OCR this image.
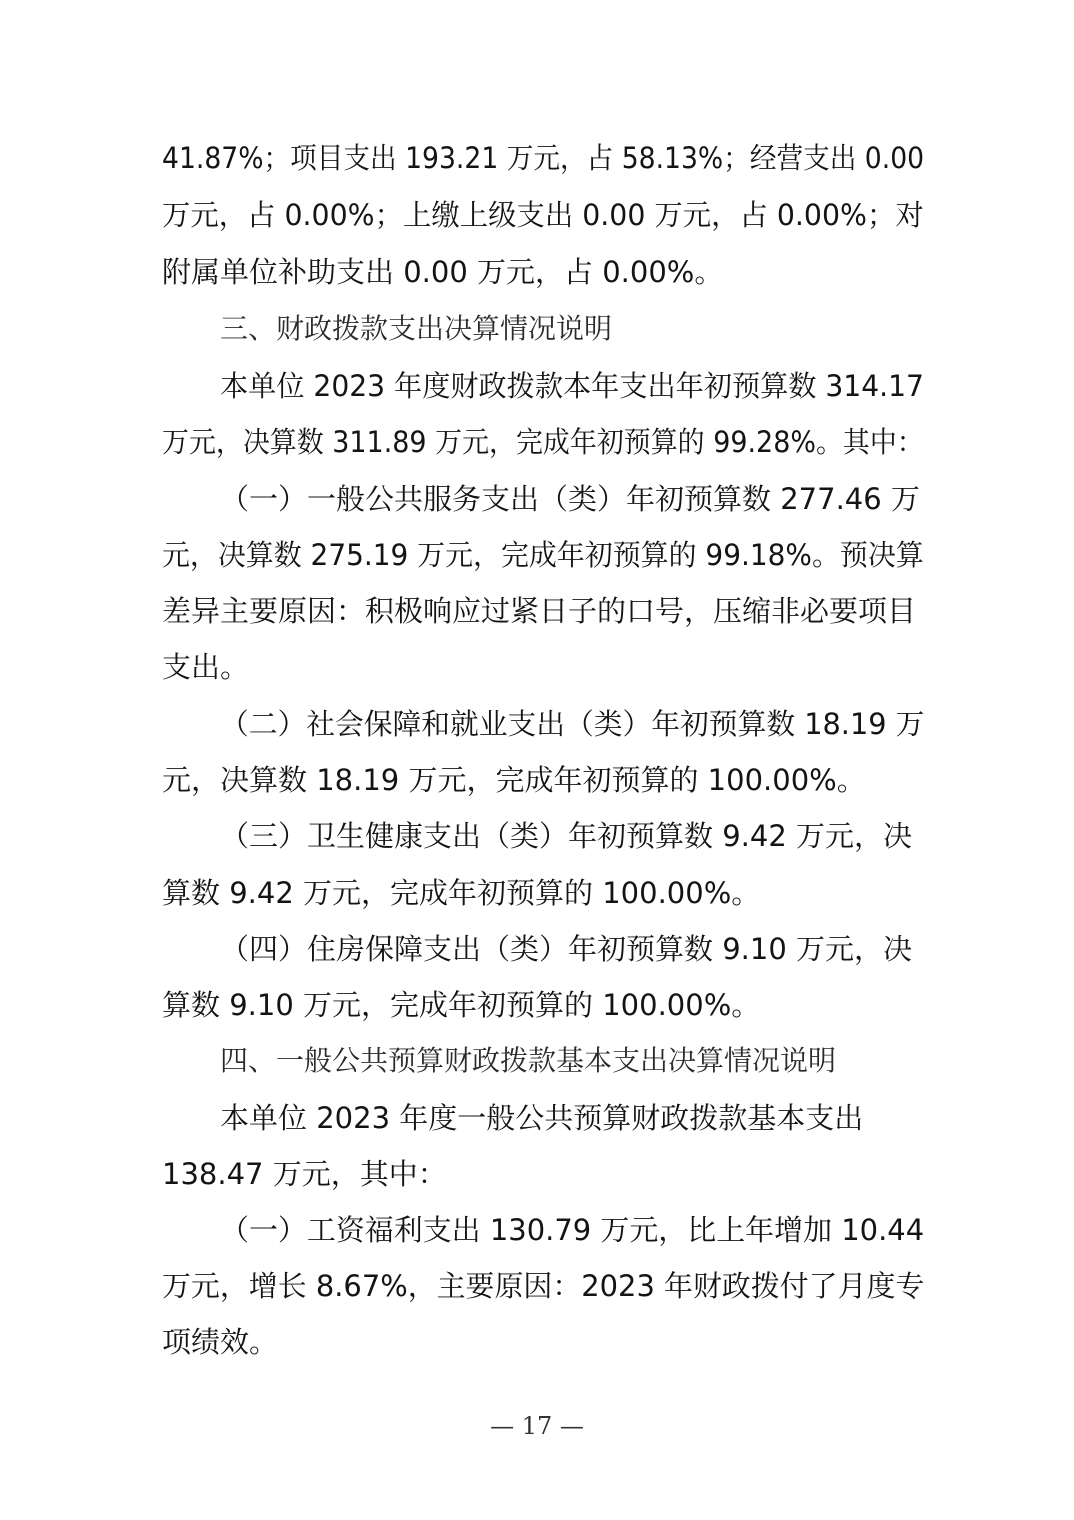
41.87%；项目支出 193.21 万元，占 58.13%；经营支出 0.00
万元，占 0.00%；上缴上级支出 0.00 万元，占 0.00%；对
附属单位补助支出 0.00 万元，占 0.00%。
三、财政拨款支出决算情况说明
本单位 2023 年度财政拨款本年支出年初预算数 314.17
万元，决算数 311.89 万元，完成年初预算的 99.28%。其中：
（一）一般公共服务支出（类）年初预算数 277.46 万
元，决算数 275.19 万元，完成年初预算的 99.18%。预决算
差异主要原因：积极响应过紧日子的口号，压缩非必要项目
支出。
（二）社会保障和就业支出（类）年初预算数 18.19 万
元，决算数 18.19 万元，完成年初预算的 100.00%。
（三）卫生健康支出（类）年初预算数 9.42 万元，决
算数 9.42 万元，完成年初预算的 100.00%。
（四）住房保障支出（类）年初预算数 9.10 万元，决
算数 9.10 万元，完成年初预算的 100.00%。
四、一般公共预算财政拨款基本支出决算情况说明
本单位 2023 年度一般公共预算财政拨款基本支出
138.47 万元，其中：
（一）工资福利支出 130.79 万元，比上年增加 10.44
万元，增长 8.67%，主要原因：2023 年财政拨付了月度专
项绩效。
— 17 —
